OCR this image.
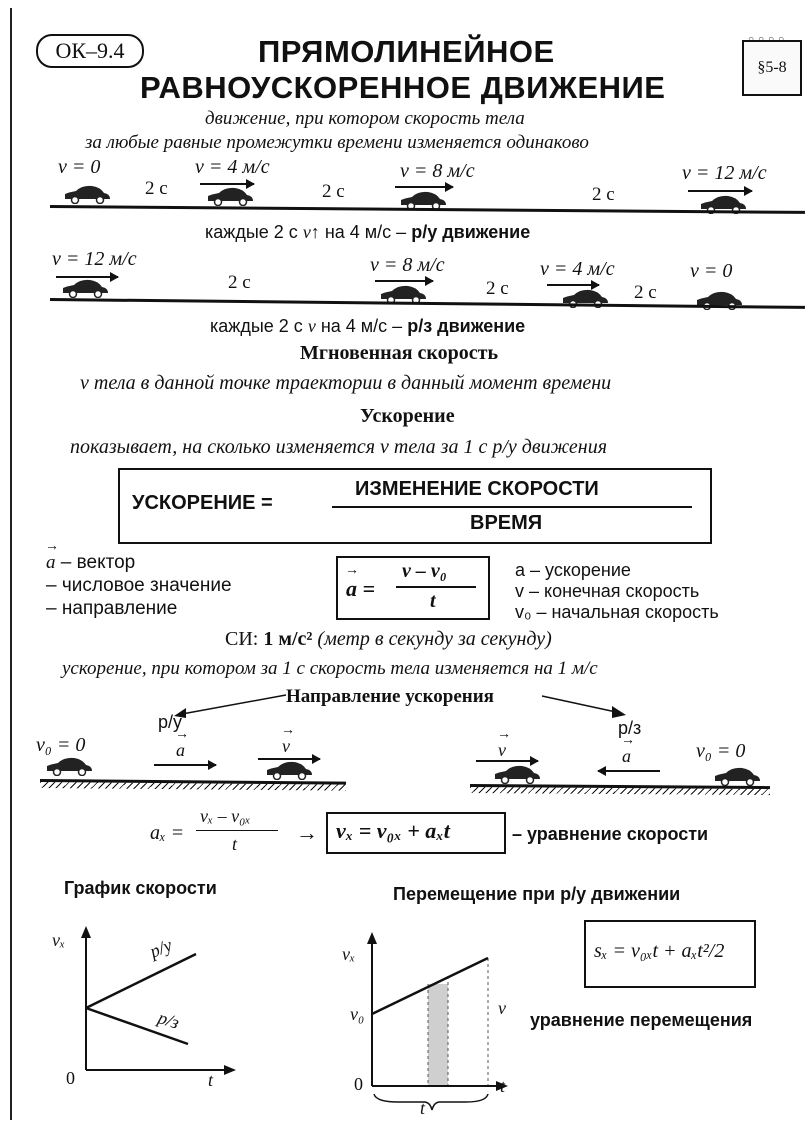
ОК–9.4
§5-8
ПРЯМОЛИНЕЙНОЕ
РАВНОУСКОРЕННОЕ ДВИЖЕНИЕ
движение, при котором скорость тела
за любые равные промежутки времени изменяется одинаково
v = 0	v = 4 м/с	v = 8 м/с	v = 12 м/с
2 с	2 с	2 с
каждые 2 с v↑ на 4 м/с – р/у движение
v = 12 м/с	v = 8 м/с	v = 4 м/с	v = 0
2 с	2 с	2 с
каждые 2 с v на 4 м/с – р/з движение
Мгновенная скорость
v тела в данной точке траектории в данный момент времени
Ускорение
показывает, на сколько изменяется v тела за 1 с р/у движения
УСКОРЕНИЕ =
ИЗМЕНЕНИЕ СКОРОСТИ
ВРЕМЯ
→ a – вектор
– числовое значение
– направление
→ a =
v – v₀
t
a – ускорение
v – конечная скорость
v₀ – начальная скорость
СИ: 1 м/с² (метр в секунду за секунду)
ускорение, при котором за 1 с скорость тела изменяется на 1 м/с
Направление ускорения
р/у	р/з
v₀ = 0	→ a	→ v	v₀ = 0
→ v	→ a
aₓ =
vₓ – v₀ₓ
t	→ vₓ = v₀ₓ + aₓt	– уравнение скорости
График скорости
vₓ
t
0
р/у
р/з
Перемещение при р/у движении
vₓ
v₀	v
0	t
t
sₓ = v₀ₓt + aₓt²/2
уравнение перемещения
